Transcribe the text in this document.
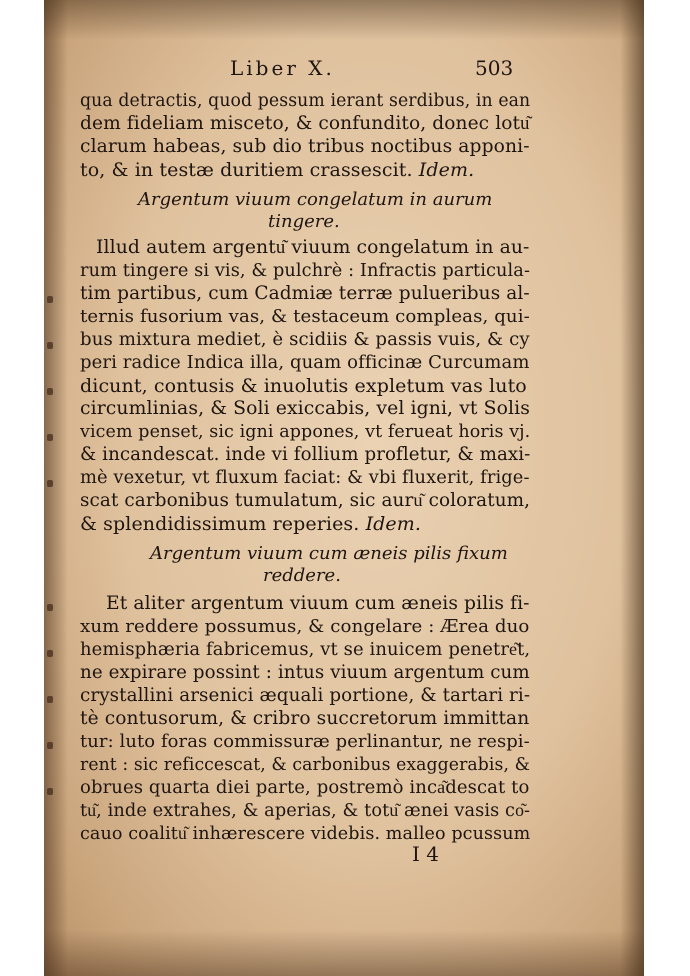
Liber X.	503
qua detractis, quod pessum ierant serdibus, in ean
dem fideliam misceto, & confundito, donec lotu͂
clarum habeas, sub dio tribus noctibus apponi-
to, & in testæ duritiem crassescit. Idem.
Argentum viuum congelatum in aurum
tingere.
Illud autem argentu͂ viuum congelatum in au-
rum tingere si vis, & pulchrè : Infractis particula-
tim partibus, cum Cadmiæ terræ pulueribus al-
ternis fusorium vas, & testaceum compleas, qui-
bus mixtura mediet, è scidiis & passis vuis, & cy
peri radice Indica illa, quam officinæ Curcumam
dicunt, contusis & inuolutis expletum vas luto
circumlinias, & Soli exiccabis, vel igni, vt Solis
vicem penset, sic igni appones, vt ferueat horis vj.
& incandescat. inde vi follium profletur, & maxi-
mè vexetur, vt fluxum faciat: & vbi fluxerit, frige-
scat carbonibus tumulatum, sic auru͂ coloratum,
& splendidissimum reperies. Idem.
Argentum viuum cum æneis pilis fixum
reddere.
Et aliter argentum viuum cum æneis pilis fi-
xum reddere possumus, & congelare : Ærea duo
hemisphæria fabricemus, vt se inuicem penetre͂t,
ne expirare possint : intus viuum argentum cum
crystallini arsenici æquali portione, & tartari ri-
tè contusorum, & cribro succretorum immittan
tur: luto foras commissuræ perlinantur, ne respi-
rent : sic reficcescat, & carbonibus exaggerabis, &
obrues quarta diei parte, postremò inca͂descat to
tu͂, inde extrahes, & aperias, & totu͂ ænei vasis co͂-
cauo coalitu͂ inhærescere videbis. malleo pcussum
I 4
